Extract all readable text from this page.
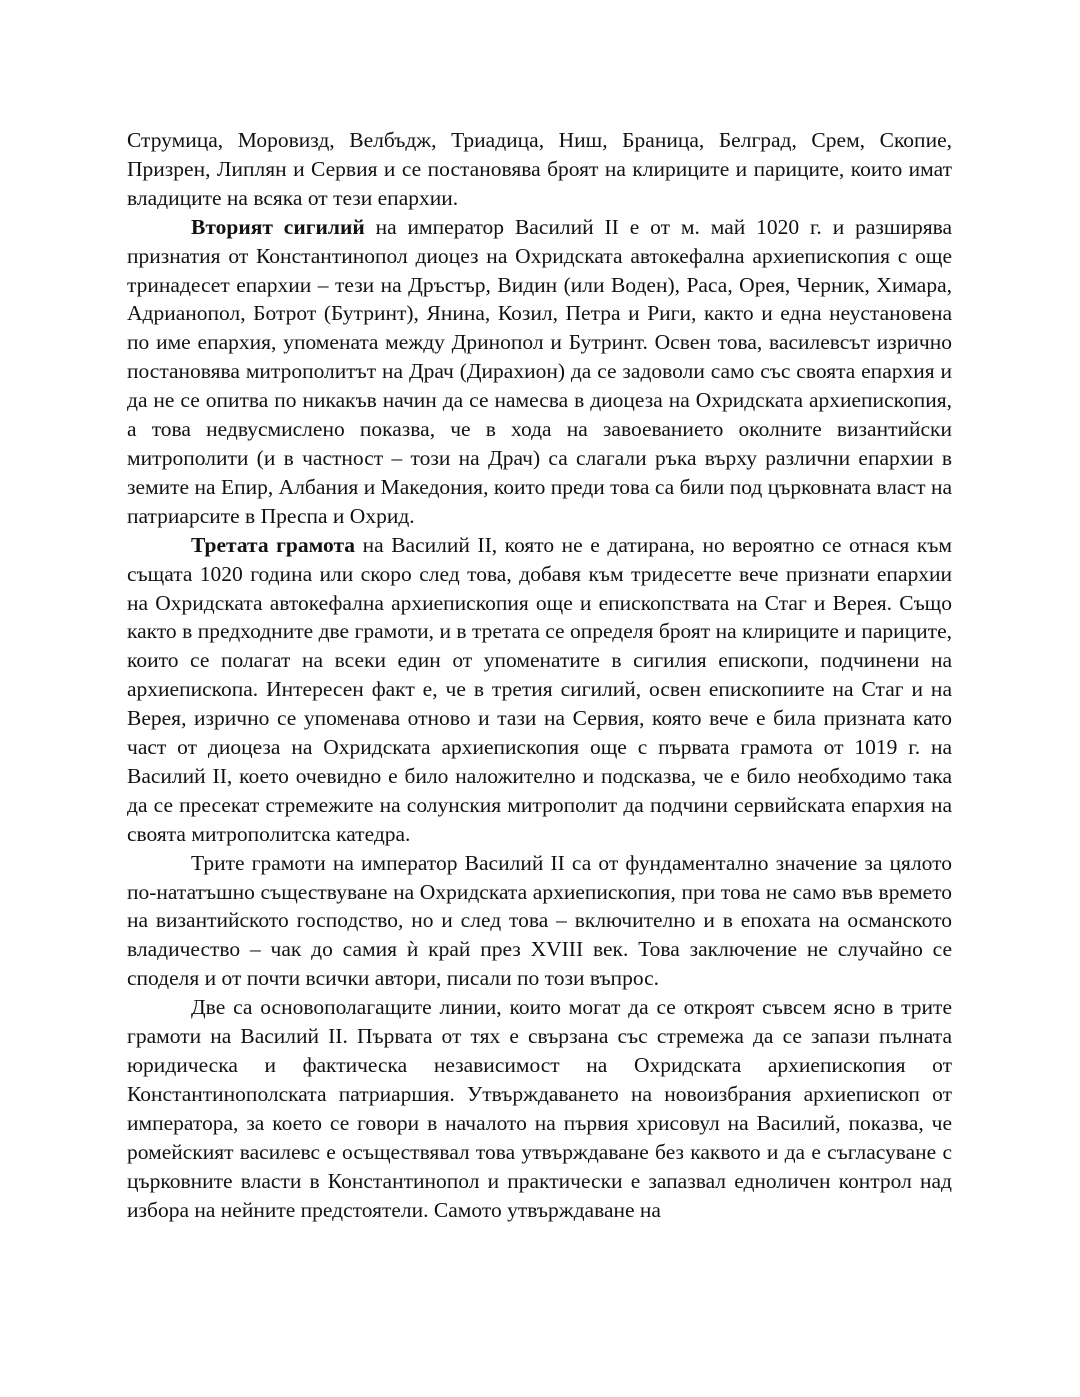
Струмица, Моровизд, Велбъдж, Триадица, Ниш, Браница, Белград, Срем, Скопие, Призрен, Липлян и Сервия и се постановява броят на клириците и париците, които имат владиците на всяка от тези епархии.

Вторият сигилий на император Василий II е от м. май 1020 г. и разширява признатия от Константинопол диоцез на Охридската автокефална архиепископия с още тринадесет епархии – тези на Дръстър, Видин (или Воден), Раса, Орея, Черник, Химара, Адрианопол, Ботрот (Бутринт), Янина, Козил, Петра и Риги, както и една неустановена по име епархия, упоменатa между Дринопол и Бутринт. Освен това, василевсът изрично постановява митрополитът на Драч (Дирахион) да се задоволи само със своята епархия и да не се опитва по никакъв начин да се намесва в диоцеза на Охридската архиепископия, а това недвусмислено показва, че в хода на завоеванието околните византийски митрополити (и в частност – този на Драч) са слагали ръка върху различни епархии в земите на Епир, Албания и Македония, които преди това са били под църковната власт на патриарсите в Преспа и Охрид.

Третата грамота на Василий II, която не е датирана, но вероятно се отнася към същата 1020 година или скоро след това, добавя към тридесетте вече признати епархии на Охридската автокефална архиепископия още и епископствата на Стаг и Верея. Също както в предходните две грамоти, и в третата се определя броят на клириците и париците, които се полагат на всеки един от упоменатите в сигилия епископи, подчинени на архиепископа. Интересен факт е, че в третия сигилий, освен епископиите на Стаг и на Верея, изрично се упоменава отново и тази на Сервия, която вече е била призната като част от диоцеза на Охридската архиепископия още с първата грамота от 1019 г. на Василий II, което очевидно е било наложително и подсказва, че е било необходимо така да се пресекат стремежите на солунския митрополит да подчини сервийската епархия на своята митрополитска катедра.

Трите грамоти на император Василий II са от фундаментално значение за цялото по-нататъшно съществуване на Охридската архиепископия, при това не само във времето на византийското господство, но и след това – включително и в епохата на османското владичество – чак до самия ѝ край през XVIII век. Това заключение не случайно се споделя и от почти всички автори, писали по този въпрос.

Две са основополагащите линии, които могат да се откроят съвсем ясно в трите грамоти на Василий II. Първата от тях е свързана със стремежа да се запази пълната юридическа и фактическа независимост на Охридската архиепископия от Константинополската патриаршия. Утвърждаването на новоизбрания архиепископ от императора, за което се говори в началото на първия хрисовул на Василий, показва, че ромейският василевс е осъществявал това утвърждаване без каквото и да е съгласуване с църковните власти в Константинопол и практически е запазвал едноличен контрол над избора на нейните предстоятели. Самото утвърждаване на
